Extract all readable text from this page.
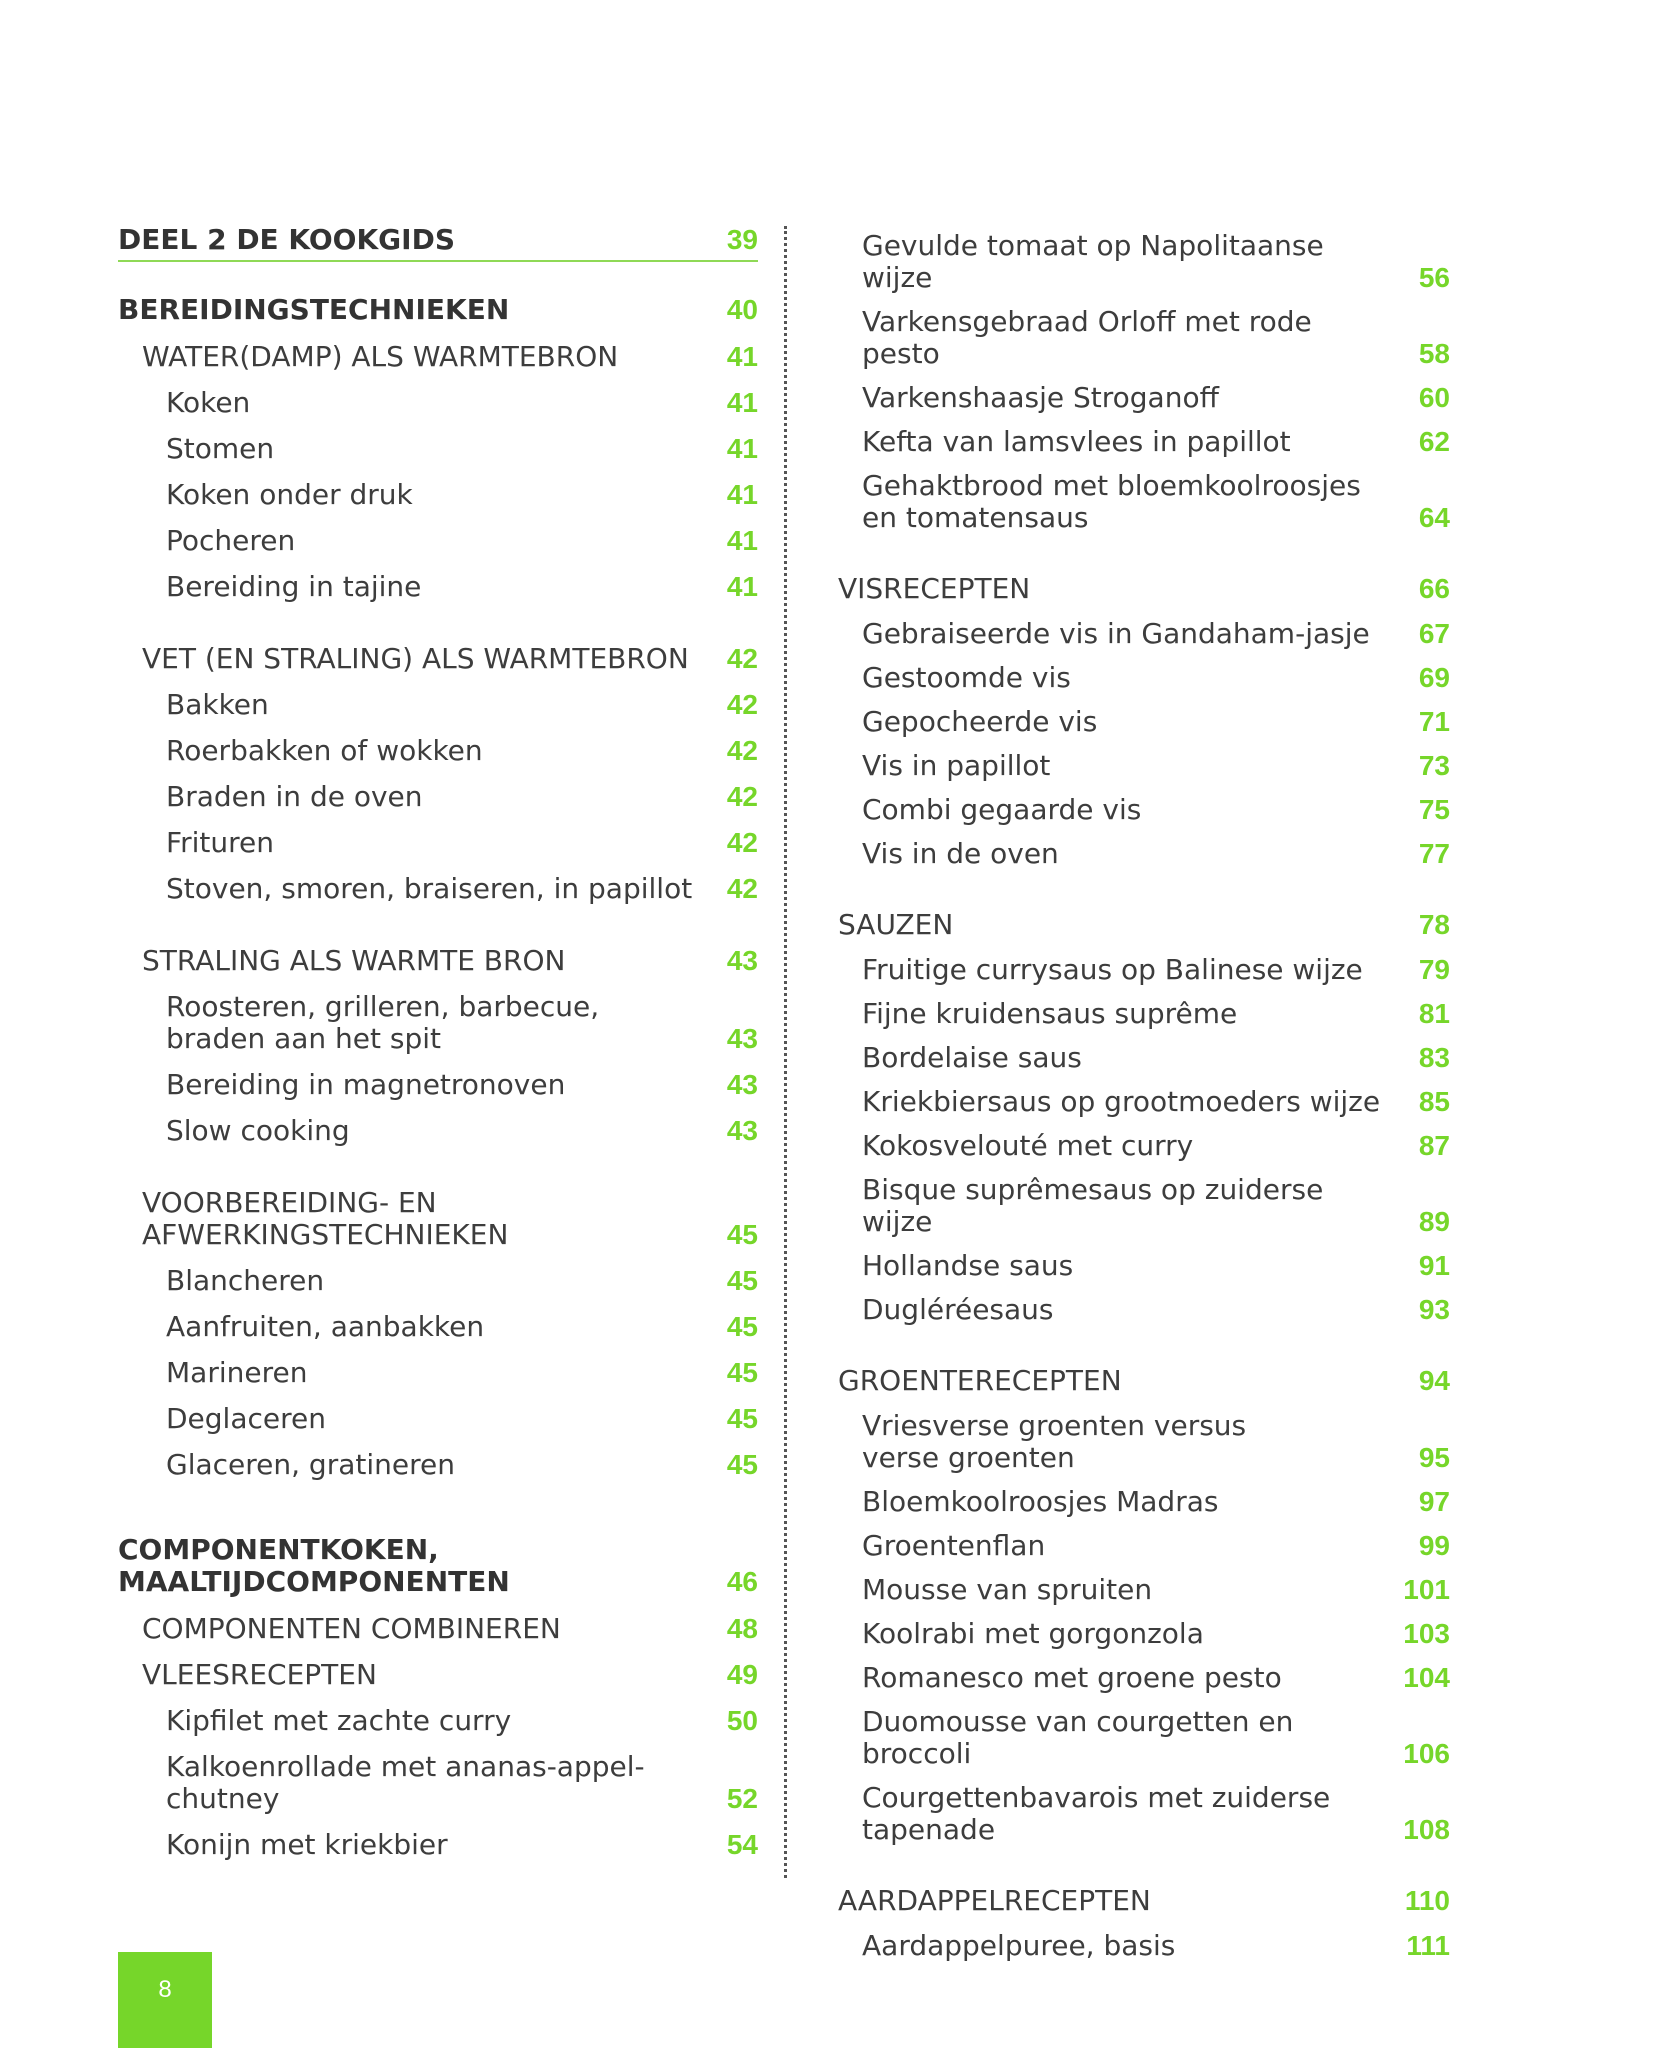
DEEL 2 DE KOOKGIDS	39
BEREIDINGSTECHNIEKEN	40
WATER(DAMP) ALS WARMTEBRON	41
Koken	41
Stomen	41
Koken onder druk	41
Pocheren	41
Bereiding in tajine	41
VET (EN STRALING) ALS WARMTEBRON	42
Bakken	42
Roerbakken of wokken	42
Braden in de oven	42
Frituren	42
Stoven, smoren, braiseren, in papillot	42
STRALING ALS WARMTE BRON	43
Roosteren, grilleren, barbecue,
braden aan het spit	43
Bereiding in magnetronoven	43
Slow cooking	43
VOORBEREIDING- EN
AFWERKINGSTECHNIEKEN	45
Blancheren	45
Aanfruiten, aanbakken	45
Marineren	45
Deglaceren	45
Glaceren, gratineren	45
COMPONENTKOKEN,
MAALTIJDCOMPONENTEN	46
COMPONENTEN COMBINEREN	48
VLEESRECEPTEN	49
Kipfilet met zachte curry	50
Kalkoenrollade met ananas-appel-
chutney	52
Konijn met kriekbier	54
Gevulde tomaat op Napolitaanse wijze	56
Varkensgebraad Orloff met rode pesto	58
Varkenshaasje Stroganoff	60
Kefta van lamsvlees in papillot	62
Gehaktbrood met bloemkoolroosjes
en tomatensaus	64
VISRECEPTEN	66
Gebraiseerde vis in Gandaham-jasje	67
Gestoomde vis	69
Gepocheerde vis	71
Vis in papillot	73
Combi gegaarde vis	75
Vis in de oven	77
SAUZEN	78
Fruitige currysaus op Balinese wijze	79
Fijne kruidensaus suprême	81
Bordelaise saus	83
Kriekbiersaus op grootmoeders wijze	85
Kokosvelouté met curry	87
Bisque suprêmesaus op zuiderse wijze	89
Hollandse saus	91
Dugléréesaus	93
GROENTERECEPTEN	94
Vriesverse groenten versus
verse groenten	95
Bloemkoolroosjes Madras	97
Groentenflan	99
Mousse van spruiten	101
Koolrabi met gorgonzola	103
Romanesco met groene pesto	104
Duomousse van courgetten en broccoli	106
Courgettenbavarois met zuiderse
tapenade	108
AARDAPPELRECEPTEN	110
Aardappelpuree, basis	111
8
